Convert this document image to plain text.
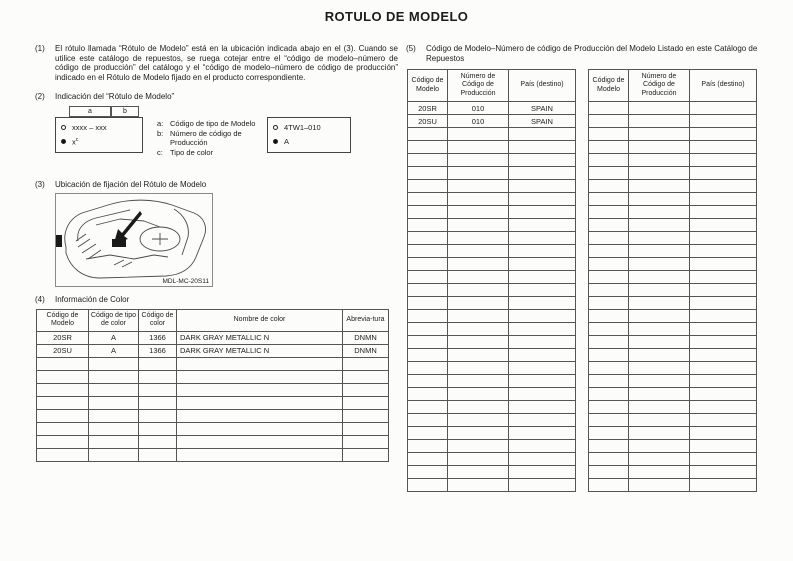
ROTULO DE MODELO
(1)	El rótulo llamada “Rótulo de Modelo” está en la ubicación indicada abajo en el (3). Cuando se utilice este catálogo de repuestos, se ruega cotejar entre el “código de modelo–número de código de producción” del catálogo y el “código de modelo–número de código de producción” indicado en el Rótulo de Modelo fijado en el producto correspondiente.

(2)	Indicación del “Rótulo de Modelo”
a	b
xxxx – xxx
$x^c$
a: Código de tipo de Modelo
b: Número de código de Producción
c: Tipo de color
4TW1–010
A
(3)	Ubicación de fijación del Rótulo de Modelo
MDL-MC-20S11
(4)	Información de Color
Código de Modelo	Código de tipo de color	Código de color	Nombre de color	Abrevia-tura
20SR	A	1366	DARK GRAY METALLIC N	DNMN
20SU	A	1366	DARK GRAY METALLIC N	DNMN

(5)	Código de Modelo–Número de código de Producción del Modelo Listado en este Catálogo de Repuestos
Código de Modelo	Número de Código de Producción	País (destino)
20SR	010	SPAIN
20SU	010	SPAIN

Código de Modelo	Número de Código de Producción	País (destino)
